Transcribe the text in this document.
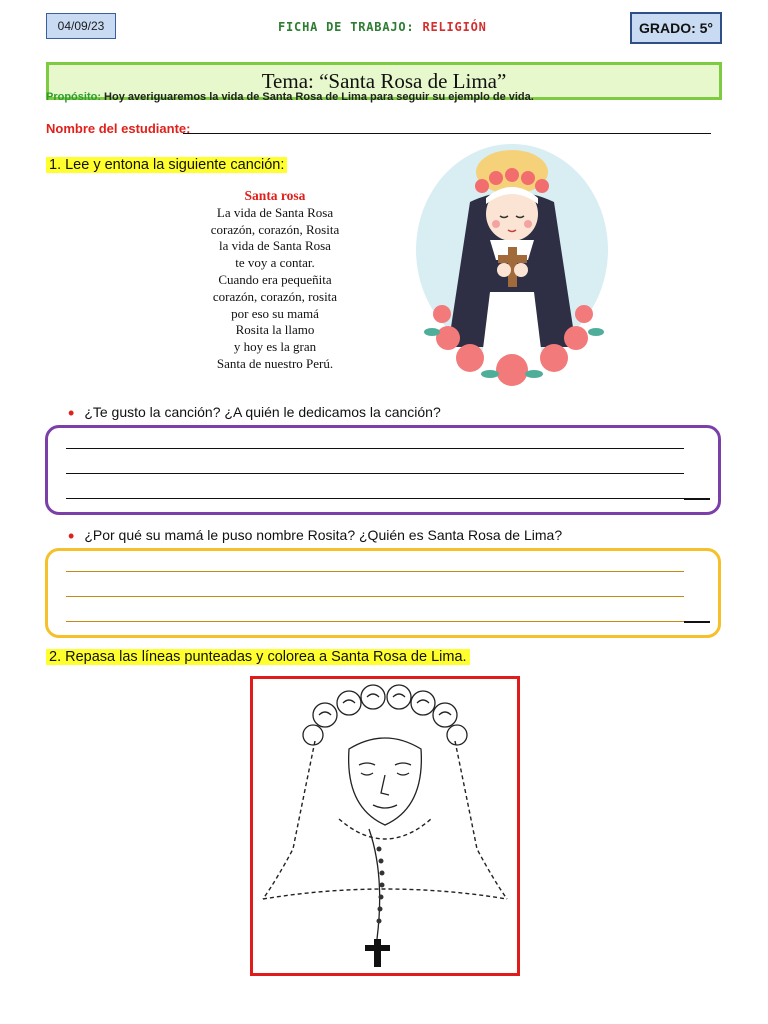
04/09/23	FICHA DE TRABAJO: RELIGIÓN	GRADO: 5°
Tema: “Santa Rosa de Lima”
Propósito: Hoy averiguaremos la vida de Santa Rosa de Lima para seguir su ejemplo de vida.
Nombre del estudiante:
1. Lee y entona la siguiente canción:
Santa rosa
La vida de Santa Rosa
corazón, corazón, Rosita
la vida de Santa Rosa
te voy a contar.
Cuando era pequeñita
corazón, corazón, rosita
por eso su mamá
Rosita la llamo
y hoy es la gran
Santa de nuestro Perú.
• ¿Te gusto la canción? ¿A quién le dedicamos la canción?
• ¿Por qué su mamá le puso nombre Rosita? ¿Quién es Santa Rosa de Lima?
2. Repasa las líneas punteadas y colorea a Santa Rosa de Lima.
